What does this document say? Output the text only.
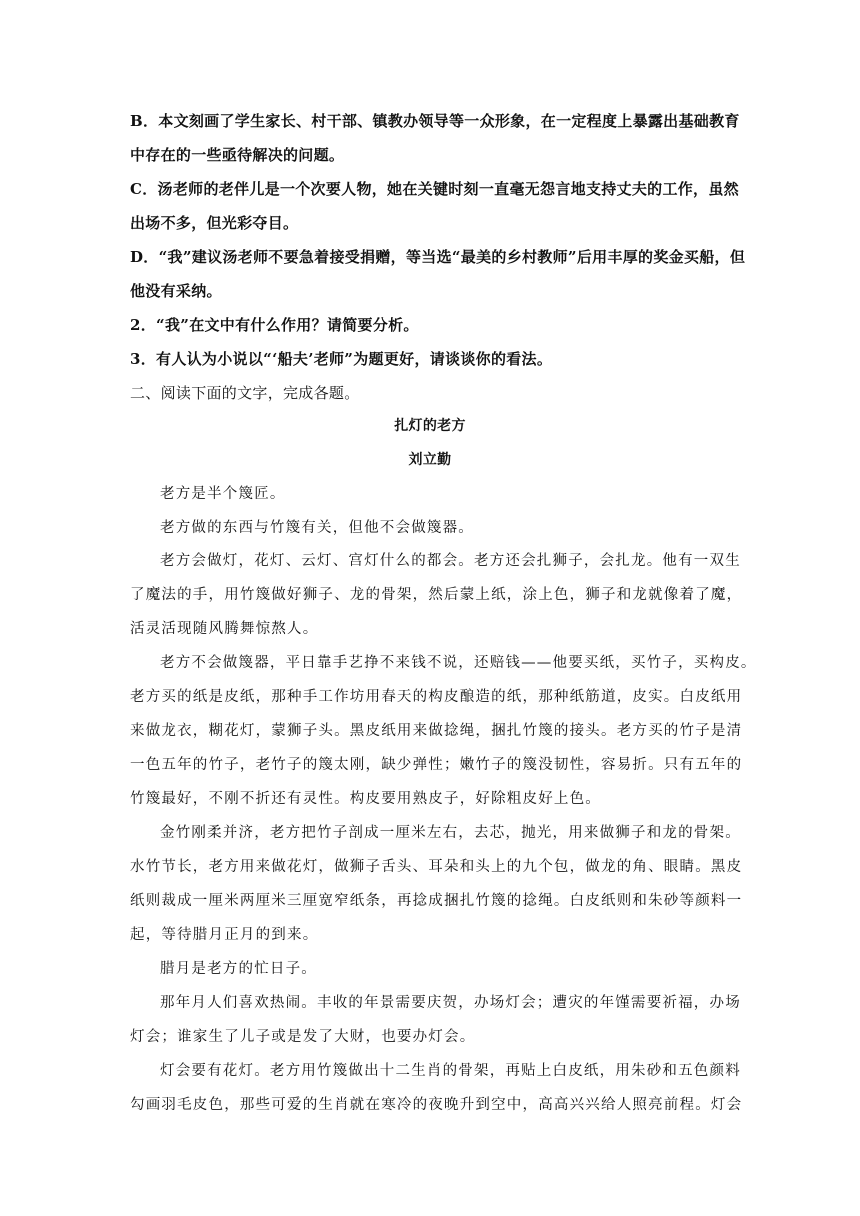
B．本文刻画了学生家长、村干部、镇教办领导等一众形象，在一定程度上暴露出基础教育
中存在的一些亟待解决的问题。
C．汤老师的老伴儿是一个次要人物，她在关键时刻一直毫无怨言地支持丈夫的工作，虽然
出场不多，但光彩夺目。
D．“我”建议汤老师不要急着接受捐赠，等当选“最美的乡村教师”后用丰厚的奖金买船，但
他没有采纳。
2．“我”在文中有什么作用？请简要分析。
3．有人认为小说以“‘船夫’老师”为题更好，请谈谈你的看法。
二、阅读下面的文字，完成各题。
扎灯的老方
刘立勤
老方是半个篾匠。
老方做的东西与竹篾有关，但他不会做篾器。
老方会做灯，花灯、云灯、宫灯什么的都会。老方还会扎狮子，会扎龙。他有一双生
了魔法的手，用竹篾做好狮子、龙的骨架，然后蒙上纸，涂上色，狮子和龙就像着了魔，
活灵活现随风腾舞惊熬人。
老方不会做篾器，平日靠手艺挣不来钱不说，还赔钱——他要买纸，买竹子，买构皮。
老方买的纸是皮纸，那种手工作坊用春天的构皮酿造的纸，那种纸筋道，皮实。白皮纸用
来做龙衣，糊花灯，蒙狮子头。黑皮纸用来做捻绳，捆扎竹篾的接头。老方买的竹子是清
一色五年的竹子，老竹子的篾太刚，缺少弹性；嫩竹子的篾没韧性，容易折。只有五年的
竹篾最好，不刚不折还有灵性。构皮要用熟皮子，好除粗皮好上色。
金竹刚柔并济，老方把竹子剖成一厘米左右，去芯，抛光，用来做狮子和龙的骨架。
水竹节长，老方用来做花灯，做狮子舌头、耳朵和头上的九个包，做龙的角、眼睛。黑皮
纸则裁成一厘米两厘米三厘宽窄纸条，再捻成捆扎竹篾的捻绳。白皮纸则和朱砂等颜料一
起，等待腊月正月的到来。
腊月是老方的忙日子。
那年月人们喜欢热闹。丰收的年景需要庆贺，办场灯会；遭灾的年馑需要祈福，办场
灯会；谁家生了儿子或是发了大财，也要办灯会。
灯会要有花灯。老方用竹篾做出十二生肖的骨架，再贴上白皮纸，用朱砂和五色颜料
勾画羽毛皮色，那些可爱的生肖就在寒冷的夜晚升到空中，高高兴兴给人照亮前程。灯会
